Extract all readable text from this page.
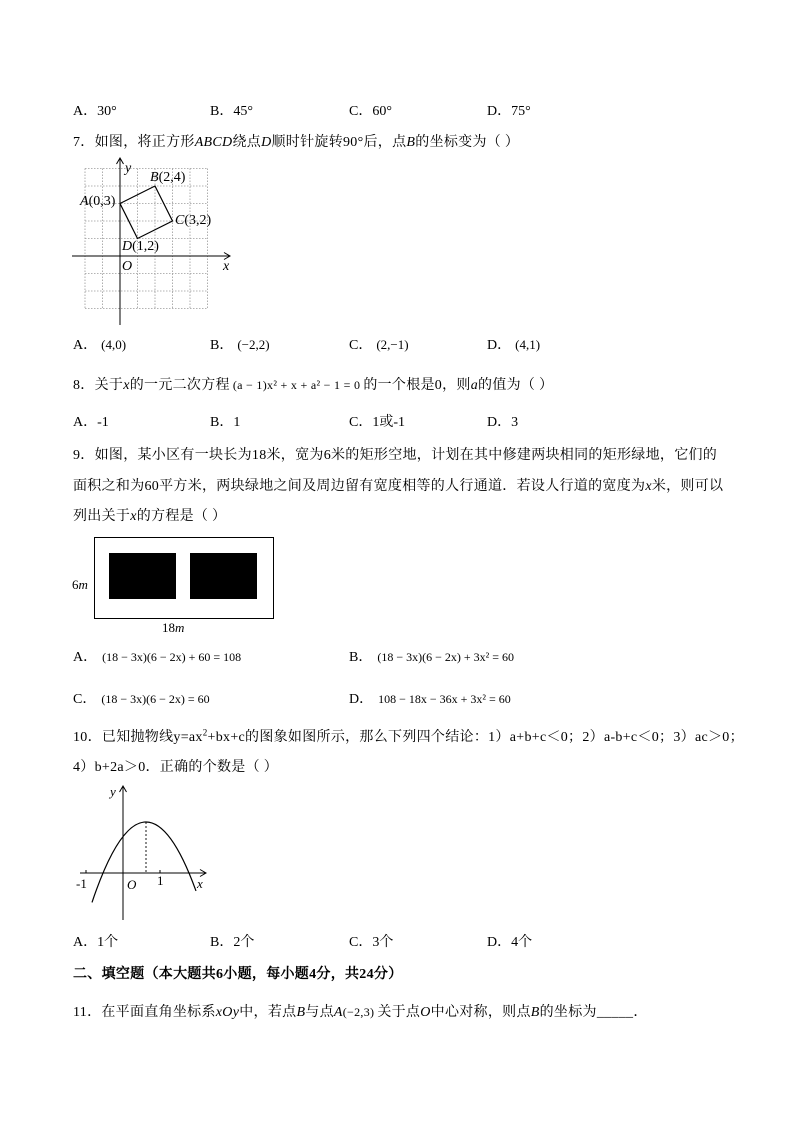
A．30°	B．45°	C．60°	D．75°
7．如图，将正方形ABCD绕点D顺时针旋转90°后，点B的坐标变为（ ）
y
x
O
A(0,3)
B(2,4)
C(3,2)
D(1,2)
A． (4,0)	B． (−2,2)	C． (2,−1)	D． (4,1)
8．关于x的一元二次方程 (a − 1)x² + x + a² − 1 = 0 的一个根是0，则a的值为（ ）
A．-1	B．1	C．1或-1	D．3
9．如图，某小区有一块长为18米，宽为6米的矩形空地，计划在其中修建两块相同的矩形绿地，它们的
面积之和为60平方米，两块绿地之间及周边留有宽度相等的人行通道．若设人行道的宽度为x米，则可以
列出关于x的方程是（ ）
6m
18m
A． (18 − 3x)(6 − 2x) + 60 = 108	B． (18 − 3x)(6 − 2x) + 3x² = 60
C． (18 − 3x)(6 − 2x) = 60	D． 108 − 18x − 36x + 3x² = 60
10．已知抛物线$y=ax^2+bx+c$的图象如图所示，那么下列四个结论：1）a+b+c＜0；2）a-b+c＜0；3）ac＞0；
4）b+2a＞0．正确的个数是（ ）
y
x
O
-1	1
A．1个	B．2个	C．3个	D．4个
二、填空题（本大题共6小题，每小题4分，共24分）
11．在平面直角坐标系xOy中，若点B与点A(−2,3) 关于点O中心对称，则点B的坐标为_____．
